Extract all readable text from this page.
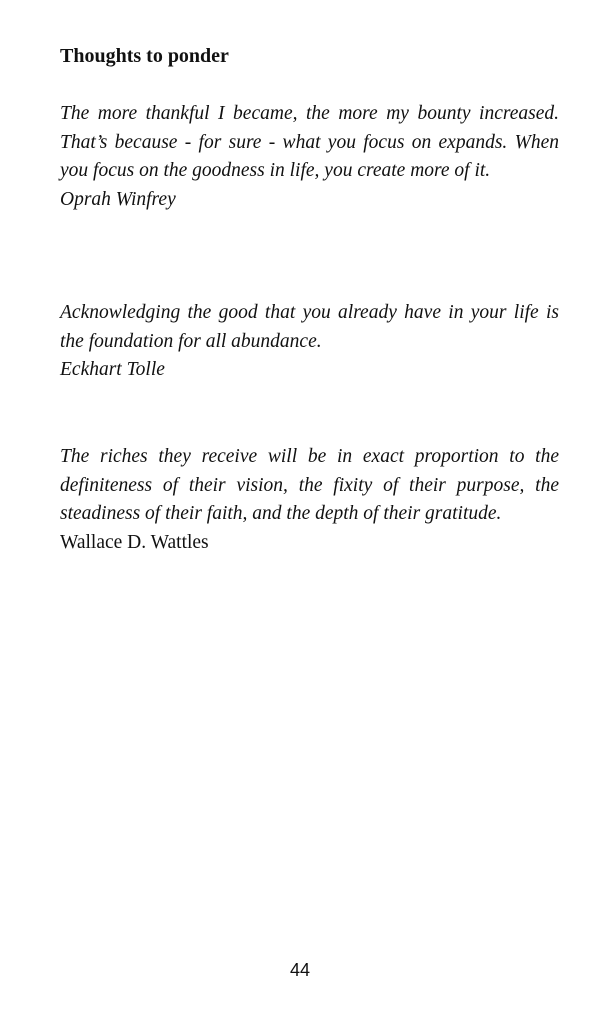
Thoughts to ponder

The more thankful I became, the more my bounty increased. That’s because - for sure - what you focus on expands. When you focus on the goodness in life, you create more of it.

Oprah Winfrey

Acknowledging the good that you already have in your life is the foundation for all abundance.

Eckhart Tolle

The riches they receive will be in exact proportion to the definiteness of their vision, the fixity of their purpose, the steadiness of their faith, and the depth of their gratitude.

Wallace D. Wattles

44
